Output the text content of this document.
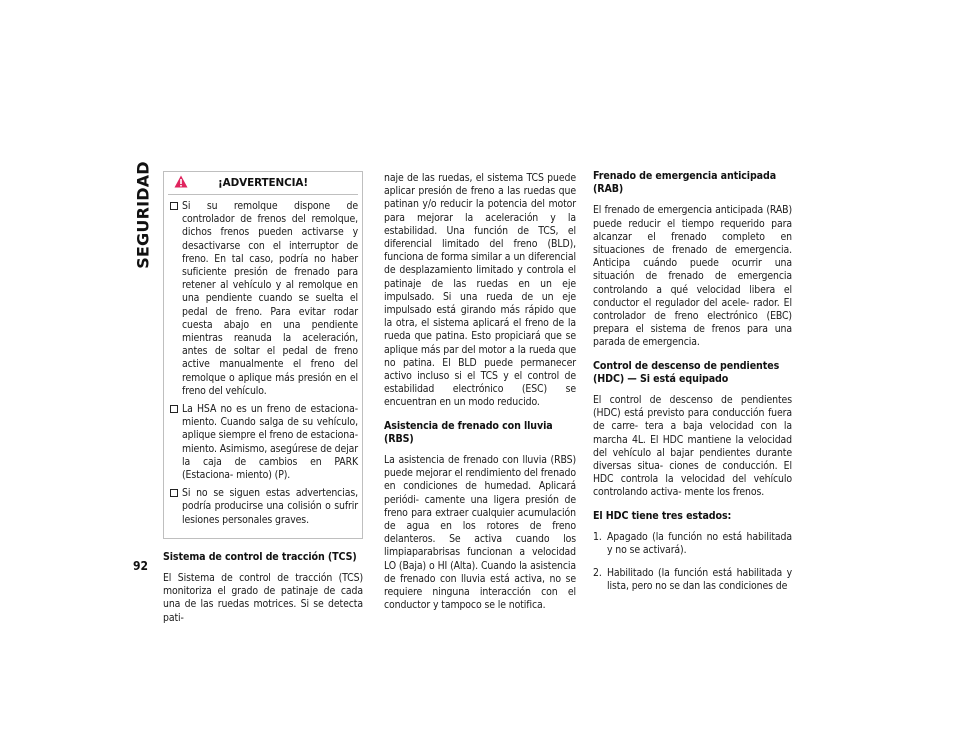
SEGURIDAD
92
¡ADVERTENCIA!
Si su remolque dispone de controlador de frenos del remolque, dichos frenos pueden activarse y desactivarse con el interruptor de freno. En tal caso, podría no haber suficiente presión de frenado para retener al vehículo y al remolque en una pendiente cuando se suelta el pedal de freno. Para evitar rodar cuesta abajo en una pendiente mientras reanuda la aceleración, antes de soltar el pedal de freno active manualmente el freno del remolque o aplique más presión en el freno del vehículo.
La HSA no es un freno de estaciona- miento. Cuando salga de su vehículo, aplique siempre el freno de estaciona- miento. Asimismo, asegúrese de dejar la caja de cambios en PARK (Estaciona- miento) (P).
Si no se siguen estas advertencias, podría producirse una colisión o sufrir lesiones personales graves.
Sistema de control de tracción (TCS)

El Sistema de control de tracción (TCS) monitoriza el grado de patinaje de cada una de las ruedas motrices. Si se detecta pati-

naje de las ruedas, el sistema TCS puede aplicar presión de freno a las ruedas que patinan y/o reducir la potencia del motor para mejorar la aceleración y la estabilidad. Una función de TCS, el diferencial limitado del freno (BLD), funciona de forma similar a un diferencial de desplazamiento limitado y controla el patinaje de las ruedas en un eje impulsado. Si una rueda de un eje impulsado está girando más rápido que la otra, el sistema aplicará el freno de la rueda que patina. Esto propiciará que se aplique más par del motor a la rueda que no patina. El BLD puede permanecer activo incluso si el TCS y el control de estabilidad electrónico (ESC) se encuentran en un modo reducido.

Asistencia de frenado con lluvia (RBS)

La asistencia de frenado con lluvia (RBS) puede mejorar el rendimiento del frenado en condiciones de humedad. Aplicará periódi- camente una ligera presión de freno para extraer cualquier acumulación de agua en los rotores de freno delanteros. Se activa cuando los limpiaparabrisas funcionan a velocidad LO (Baja) o HI (Alta). Cuando la asistencia de frenado con lluvia está activa, no se requiere ninguna interacción con el conductor y tampoco se le notifica.

Frenado de emergencia anticipada (RAB)

El frenado de emergencia anticipada (RAB) puede reducir el tiempo requerido para alcanzar el frenado completo en situaciones de frenado de emergencia. Anticipa cuándo puede ocurrir una situación de frenado de emergencia controlando a qué velocidad libera el conductor el regulador del acele- rador. El controlador de freno electrónico (EBC) prepara el sistema de frenos para una parada de emergencia.

Control de descenso de pendientes (HDC) — Si está equipado

El control de descenso de pendientes (HDC) está previsto para conducción fuera de carre- tera a baja velocidad con la marcha 4L. El HDC mantiene la velocidad del vehículo al bajar pendientes durante diversas situa- ciones de conducción. El HDC controla la velocidad del vehículo controlando activa- mente los frenos.

El HDC tiene tres estados:
1. Apagado (la función no está habilitada y no se activará).
2. Habilitado (la función está habilitada y lista, pero no se dan las condiciones de
